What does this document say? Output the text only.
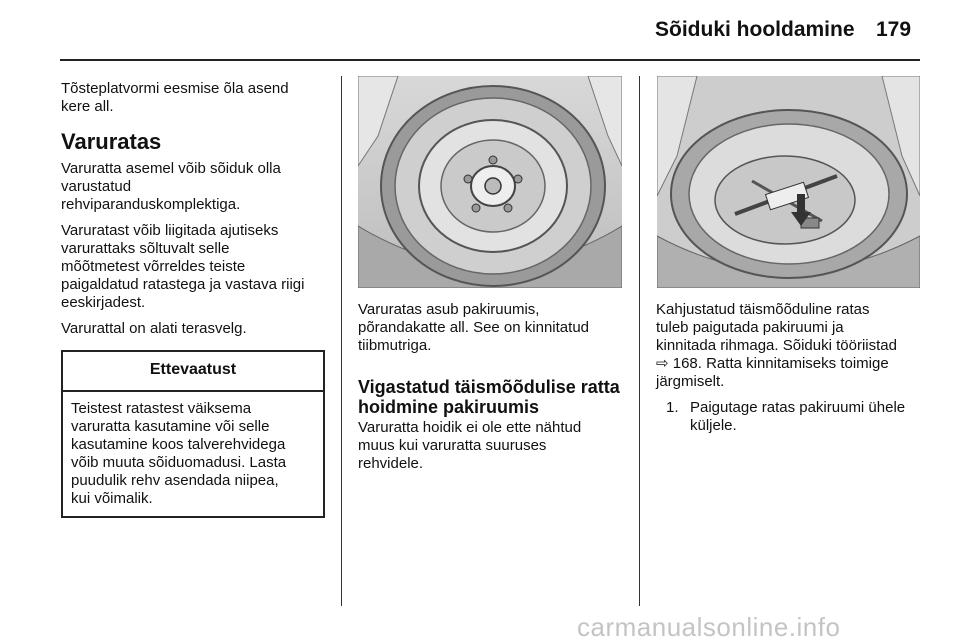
Sõiduki hooldamine 179

Tõsteplatvormi eesmise õla asend
kere all.

Varuratas

Varuratta asemel võib sõiduk olla
varustatud
rehviparanduskomplektiga.

Varuratast võib liigitada ajutiseks
varurattaks sõltuvalt selle
mõõtmetest võrreldes teiste
paigaldatud ratastega ja vastava riigi
eeskirjadest.

Varurattal on alati terasvelg.

Ettevaatust
Teistest ratastest väiksema
varuratta kasutamine või selle
kasutamine koos talverehvidega
võib muuta sõiduomadusi. Lasta
puudulik rehv asendada niipea,
kui võimalik.

Varuratas asub pakiruumis,
põrandakatte all. See on kinnitatud
tiibmutriga.

Vigastatud täismõõdulise ratta
hoidmine pakiruumis

Varuratta hoidik ei ole ette nähtud
muus kui varuratta suuruses
rehvidele.

Kahjustatud täismõõduline ratas
tuleb paigutada pakiruumi ja
kinnitada rihmaga. Sõiduki tööriistad
⇨ 168. Ratta kinnitamiseks toimige
järgmiselt.

1. Paigutage ratas pakiruumi ühele
küljele.
carmanualsonline.info
